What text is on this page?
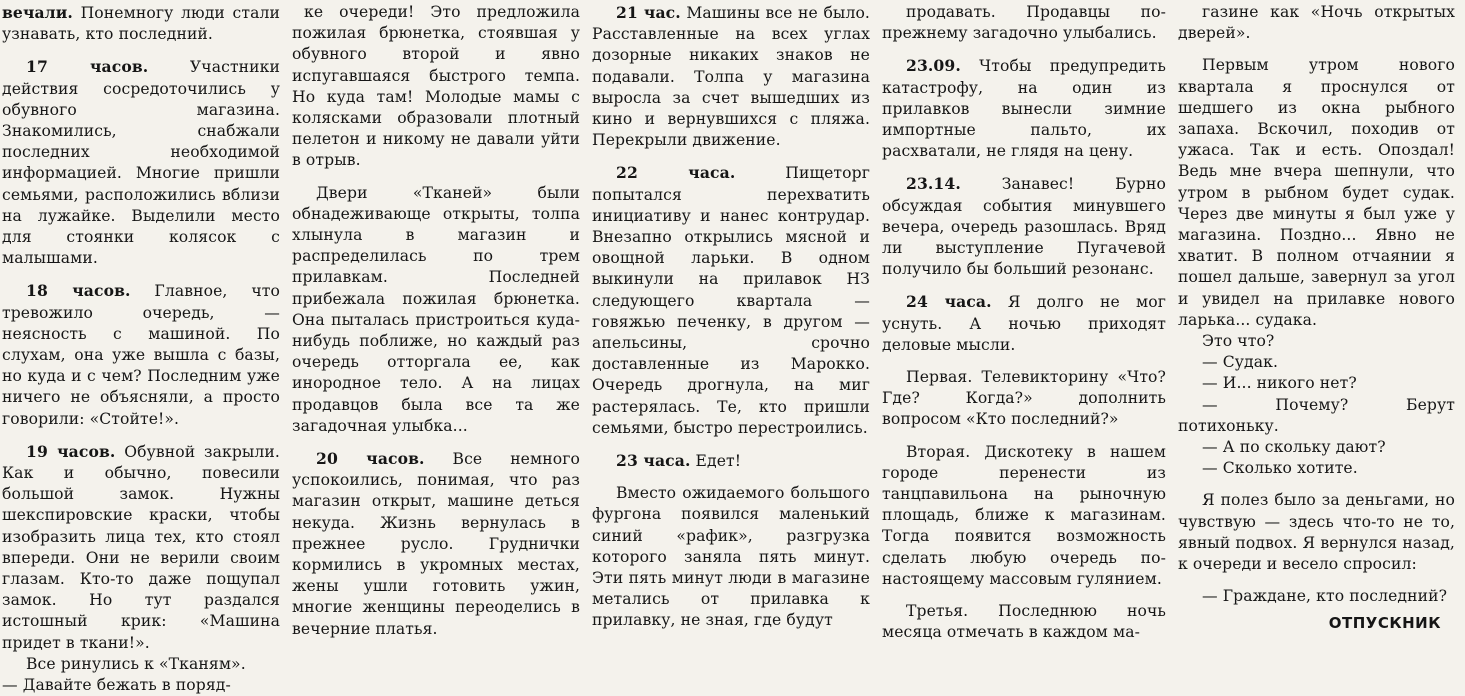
вечали. Понемногу люди стали узнавать, кто последний.

17 часов. Участники действия сосредоточились у обувного магазина. Знакомились, снабжали последних необходимой информацией. Многие пришли семьями, расположились вблизи на лужайке. Выделили место для стоянки колясок с малышами.

18 часов. Главное, что тревожило очередь, — неясность с машиной. По слухам, она уже вышла с базы, но куда и с чем? Последним уже ничего не объясняли, а просто говорили: «Стойте!».

19 часов. Обувной закрыли. Как и обычно, повесили большой замок. Нужны шекспировские краски, чтобы изобразить лица тех, кто стоял впереди. Они не верили своим глазам. Кто-то даже пощупал замок. Но тут раздался истошный крик: «Машина придет в ткани!».

Все ринулись к «Тканям».

— Давайте бежать в поряд-

ке очереди! Это предложила пожилая брюнетка, стоявшая у обувного второй и явно испугавшаяся быстрого темпа. Но куда там! Молодые мамы с колясками образовали плотный пелетон и никому не давали уйти в отрыв.

Двери «Тканей» были обнадеживающе открыты, толпа хлынула в магазин и распределилась по трем прилавкам. Последней прибежала пожилая брюнетка. Она пыталась пристроиться куда-нибудь поближе, но каждый раз очередь отторгала ее, как инородное тело. А на лицах продавцов была все та же загадочная улыбка...

20 часов. Все немного успокоились, понимая, что раз магазин открыт, машине деться некуда. Жизнь вернулась в прежнее русло. Груднички кормились в укромных местах, жены ушли готовить ужин, многие женщины переоделись в вечерние платья.

21 час. Машины все не было. Расставленные на всех углах дозорные никаких знаков не подавали. Толпа у магазина выросла за счет вышедших из кино и вернувшихся с пляжа. Перекрыли движение.

22 часа. Пищеторг попытался перехватить инициативу и нанес контрудар. Внезапно открылись мясной и овощной ларьки. В одном выкинули на прилавок НЗ следующего квартала — говяжью печенку, в другом — апельсины, срочно доставленные из Марокко. Очередь дрогнула, на миг растерялась. Те, кто пришли семьями, быстро перестроились.

23 часа. Едет!

Вместо ожидаемого большого фургона появился маленький синий «рафик», разгрузка которого заняла пять минут. Эти пять минут люди в магазине метались от прилавка к прилавку, не зная, где будут

продавать. Продавцы по-прежнему загадочно улыбались.

23.09. Чтобы предупредить катастрофу, на один из прилавков вынесли зимние импортные пальто, их расхватали, не глядя на цену.

23.14. Занавес! Бурно обсуждая события минувшего вечера, очередь разошлась. Вряд ли выступление Пугачевой получило бы больший резонанс.

24 часа. Я долго не мог уснуть. А ночью приходят деловые мысли.

Первая. Телевикторину «Что? Где? Когда?» дополнить вопросом «Кто последний?»

Вторая. Дискотеку в нашем городе перенести из танцпавильона на рыночную площадь, ближе к магазинам. Тогда появится возможность сделать любую очередь по-настоящему массовым гулянием.

Третья. Последнюю ночь месяца отмечать в каждом ма-

газине как «Ночь открытых дверей».

Первым утром нового квартала я проснулся от шедшего из окна рыбного запаха. Вскочил, походив от ужаса. Так и есть. Опоздал! Ведь мне вчера шепнули, что утром в рыбном будет судак. Через две минуты я был уже у магазина. Поздно... Явно не хватит. В полном отчаянии я пошел дальше, завернул за угол и увидел на прилавке нового ларька... судака.

Это что?

— Судак.

— И... никого нет?

— Почему? Берут потихоньку.

— А по скольку дают?

— Сколько хотите.

Я полез было за деньгами, но чувствую — здесь что-то не то, явный подвох. Я вернулся назад, к очереди и весело спросил:

— Граждане, кто последний?

ОТПУСКНИК
